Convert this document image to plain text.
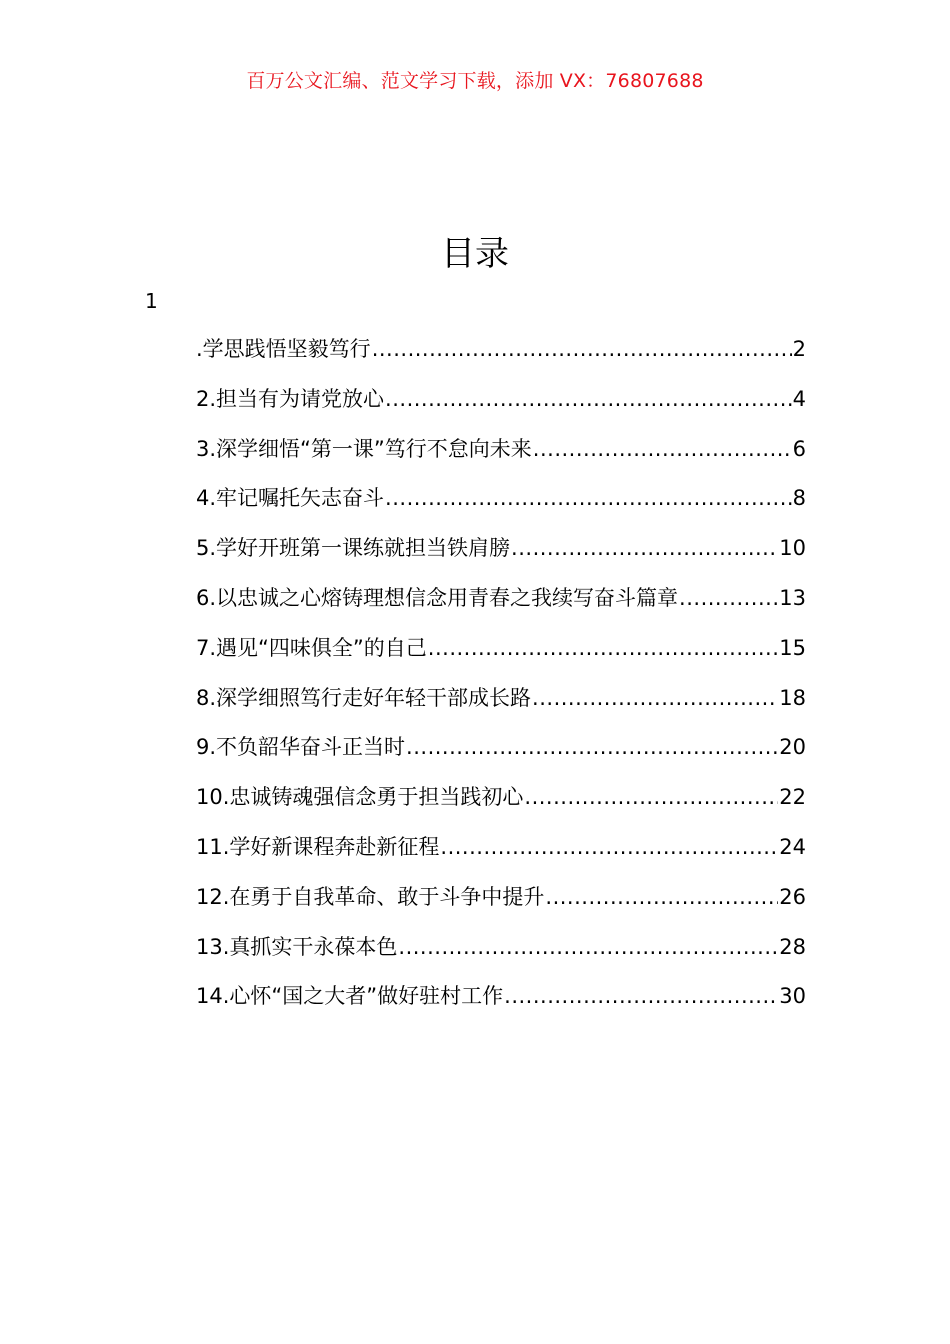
百万公文汇编、范文学习下载，添加 VX：76807688
目录
1
.学思践悟坚毅笃行 .....	2
2.担当有为请党放心 .....	4
3.深学细悟“第一课”笃行不怠向未来 .....	6
4.牢记嘱托矢志奋斗 .....	8
5.学好开班第一课练就担当铁肩膀 .....	10
6.以忠诚之心熔铸理想信念用青春之我续写奋斗篇章 .....	13
7.遇见“四味俱全”的自己 .....	15
8.深学细照笃行走好年轻干部成长路 .....	18
9.不负韶华奋斗正当时 .....	20
10.忠诚铸魂强信念勇于担当践初心 .....	22
11.学好新课程奔赴新征程 .....	24
12.在勇于自我革命、敢于斗争中提升 .....	26
13.真抓实干永葆本色 .....	28
14.心怀“国之大者”做好驻村工作 .....	30
